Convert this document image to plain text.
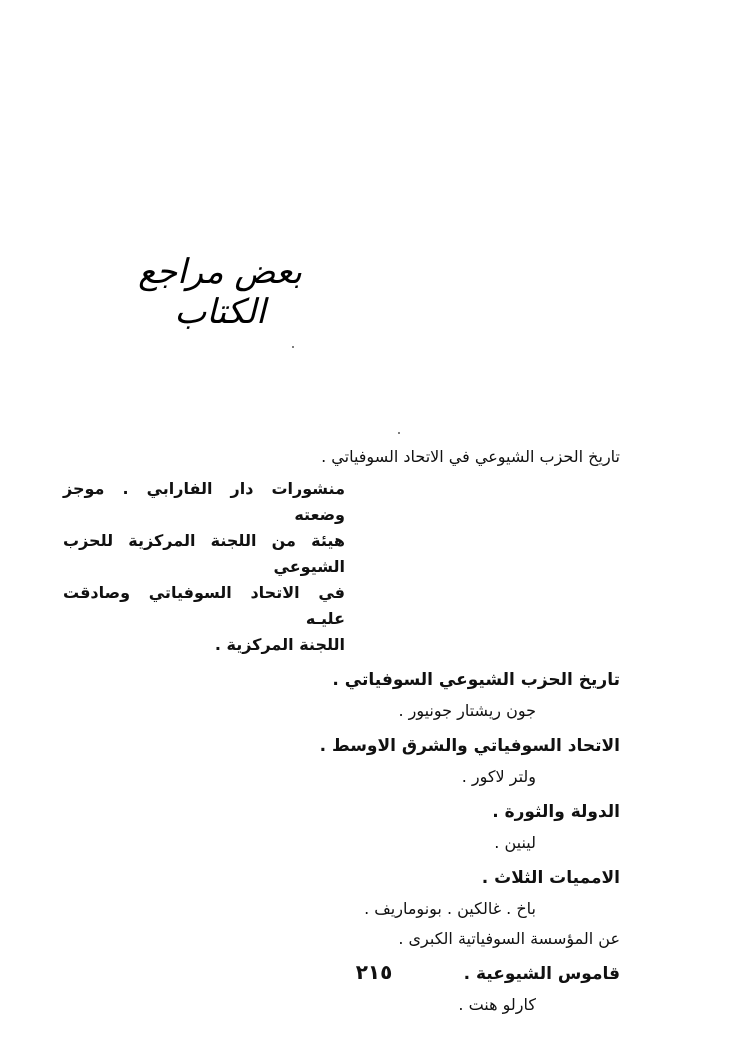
بعض مراجع الكتاب
تاريخ الحزب الشيوعي في الاتحاد السوفياتي .
منشورات دار الفارابي . موجز وضعته
هيئة من اللجنة المركزية للحزب الشيوعي
في الاتحاد السوفياتي وصادقت عليـه
اللجنة المركزية .
تاريخ الحزب الشيوعي السوفياتي .
جون ريشتار جونيور .
الاتحاد السوفياتي والشرق الاوسط .
ولتر لاكور .
الدولة والثورة .
لينين .
الاممیات الثلاث .
باخ . غالكين . بونوماريف .
عن المؤسسة السوفياتية الكبرى .
قاموس الشيوعية .
كارلو هنت .
٢١٥
